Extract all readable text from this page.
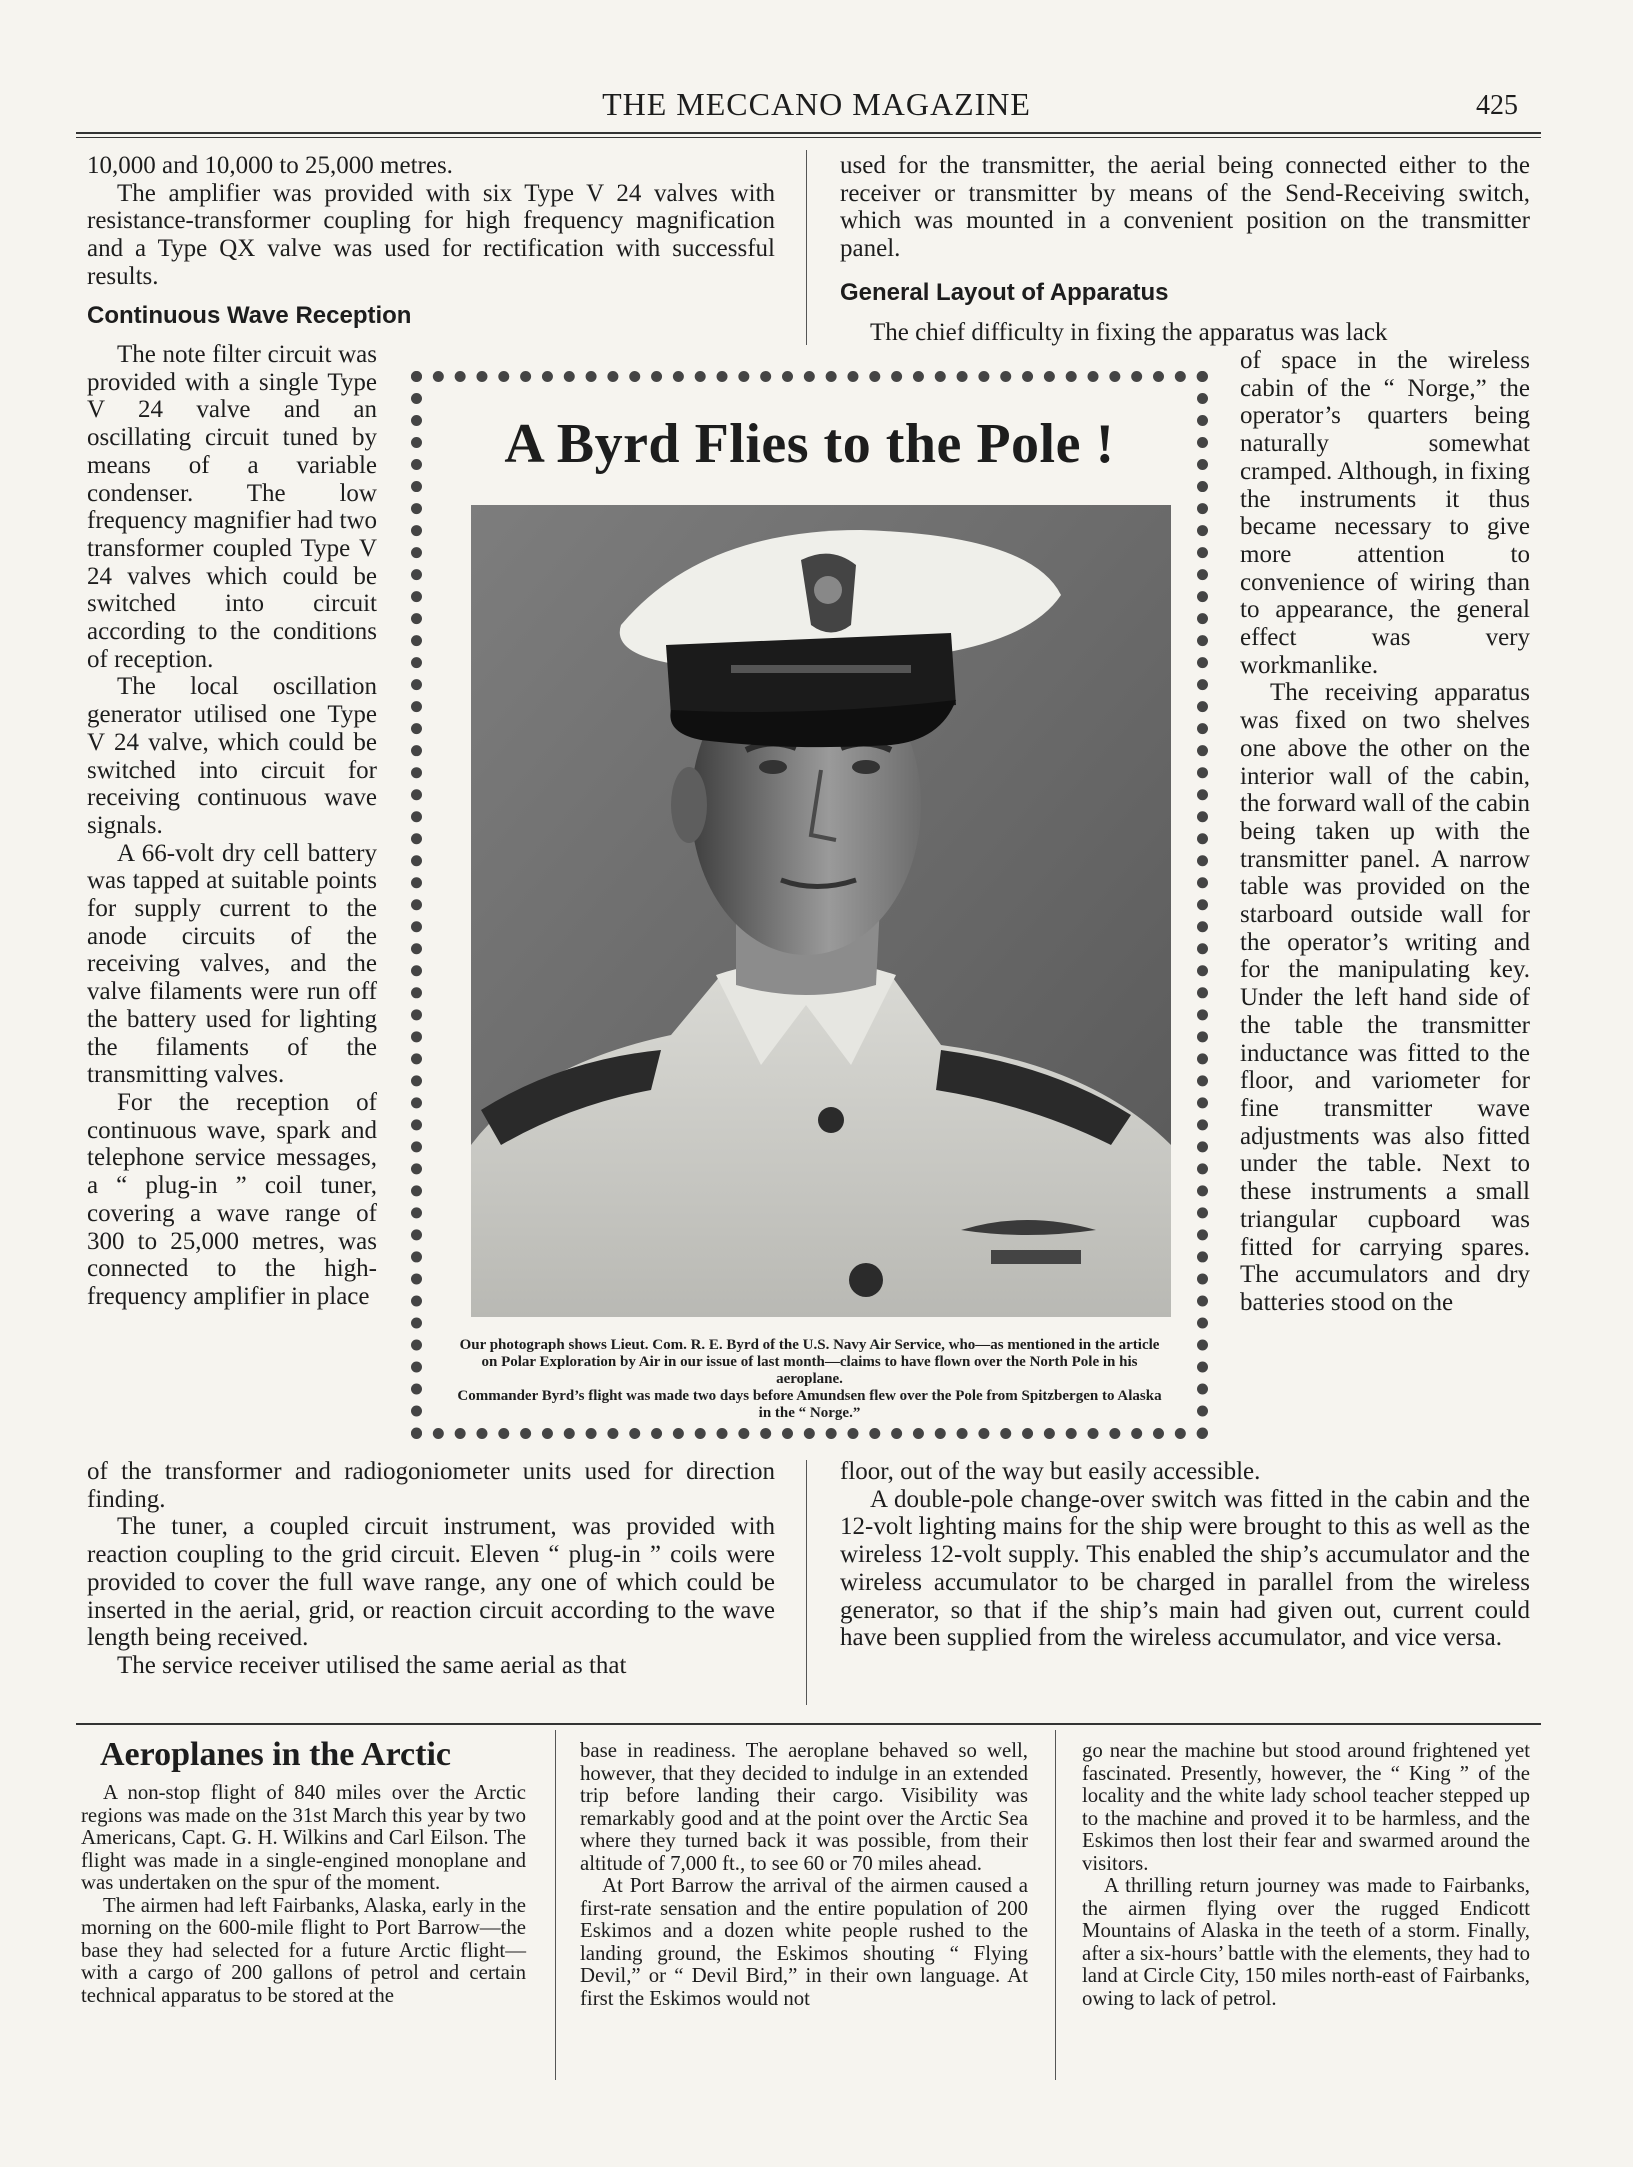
THE MECCANO MAGAZINE	425

10,000 and 10,000 to 25,000 metres.

The amplifier was provided with six Type V 24 valves with resistance-transformer coupling for high frequency magnification and a Type QX valve was used for rectification with successful results.

Continuous Wave Reception

The note filter circuit was provided with a single Type V 24 valve and an oscillating circuit tuned by means of a variable condenser. The low frequency magnifier had two transformer coupled Type V 24 valves which could be switched into circuit according to the conditions of reception.

The local oscillation generator utilised one Type V 24 valve, which could be switched into circuit for receiving continuous wave signals.

A 66-volt dry cell battery was tapped at suitable points for supply current to the anode circuits of the receiving valves, and the valve filaments were run off the battery used for lighting the filaments of the transmitting valves.

For the reception of continuous wave, spark and telephone service messages, a “ plug-in ” coil tuner, covering a wave range of 300 to 25,000 metres, was connected to the high-frequency amplifier in place

of the transformer and radiogoniometer units used for direction finding.

The tuner, a coupled circuit instrument, was provided with reaction coupling to the grid circuit. Eleven “ plug-in ” coils were provided to cover the full wave range, any one of which could be inserted in the aerial, grid, or reaction circuit according to the wave length being received.

The service receiver utilised the same aerial as that

used for the transmitter, the aerial being connected either to the receiver or transmitter by means of the Send-Receiving switch, which was mounted in a convenient position on the transmitter panel.

General Layout of Apparatus

The chief difficulty in fixing the apparatus was lack

of space in the wireless cabin of the “ Norge,” the operator’s quarters being naturally somewhat cramped. Although, in fixing the instruments it thus became necessary to give more attention to convenience of wiring than to appearance, the general effect was very workmanlike.

The receiving apparatus was fixed on two shelves one above the other on the interior wall of the cabin, the forward wall of the cabin being taken up with the transmitter panel. A narrow table was provided on the starboard outside wall for the operator’s writing and for the manipulating key. Under the left hand side of the table the transmitter inductance was fitted to the floor, and variometer for fine transmitter wave adjustments was also fitted under the table. Next to these instruments a small triangular cupboard was fitted for carrying spares. The accumulators and dry batteries stood on the

floor, out of the way but easily accessible.

A double-pole change-over switch was fitted in the cabin and the 12-volt lighting mains for the ship were brought to this as well as the wireless 12-volt supply. This enabled the ship’s accumulator and the wireless accumulator to be charged in parallel from the wireless generator, so that if the ship’s main had given out, current could have been supplied from the wireless accumulator, and vice versa.

A Byrd Flies to the Pole !
Our photograph shows Lieut. Com. R. E. Byrd of the U.S. Navy Air Service, who—as mentioned in the article on Polar Exploration by Air in our issue of last month—claims to have flown over the North Pole in his aeroplane.
Commander Byrd’s flight was made two days before Amundsen flew over the Pole from Spitzbergen to Alaska in the “ Norge.”
Aeroplanes in the Arctic

A non-stop flight of 840 miles over the Arctic regions was made on the 31st March this year by two Americans, Capt. G. H. Wilkins and Carl Eilson. The flight was made in a single-engined monoplane and was undertaken on the spur of the moment.

The airmen had left Fairbanks, Alaska, early in the morning on the 600-mile flight to Port Barrow—the base they had selected for a future Arctic flight—with a cargo of 200 gallons of petrol and certain technical apparatus to be stored at the

base in readiness. The aeroplane behaved so well, however, that they decided to indulge in an extended trip before landing their cargo. Visibility was remarkably good and at the point over the Arctic Sea where they turned back it was possible, from their altitude of 7,000 ft., to see 60 or 70 miles ahead.

At Port Barrow the arrival of the airmen caused a first-rate sensation and the entire population of 200 Eskimos and a dozen white people rushed to the landing ground, the Eskimos shouting “ Flying Devil,” or “ Devil Bird,” in their own language. At first the Eskimos would not

go near the machine but stood around frightened yet fascinated. Presently, however, the “ King ” of the locality and the white lady school teacher stepped up to the machine and proved it to be harmless, and the Eskimos then lost their fear and swarmed around the visitors.

A thrilling return journey was made to Fairbanks, the airmen flying over the rugged Endicott Mountains of Alaska in the teeth of a storm. Finally, after a six-hours’ battle with the elements, they had to land at Circle City, 150 miles north-east of Fairbanks, owing to lack of petrol.
